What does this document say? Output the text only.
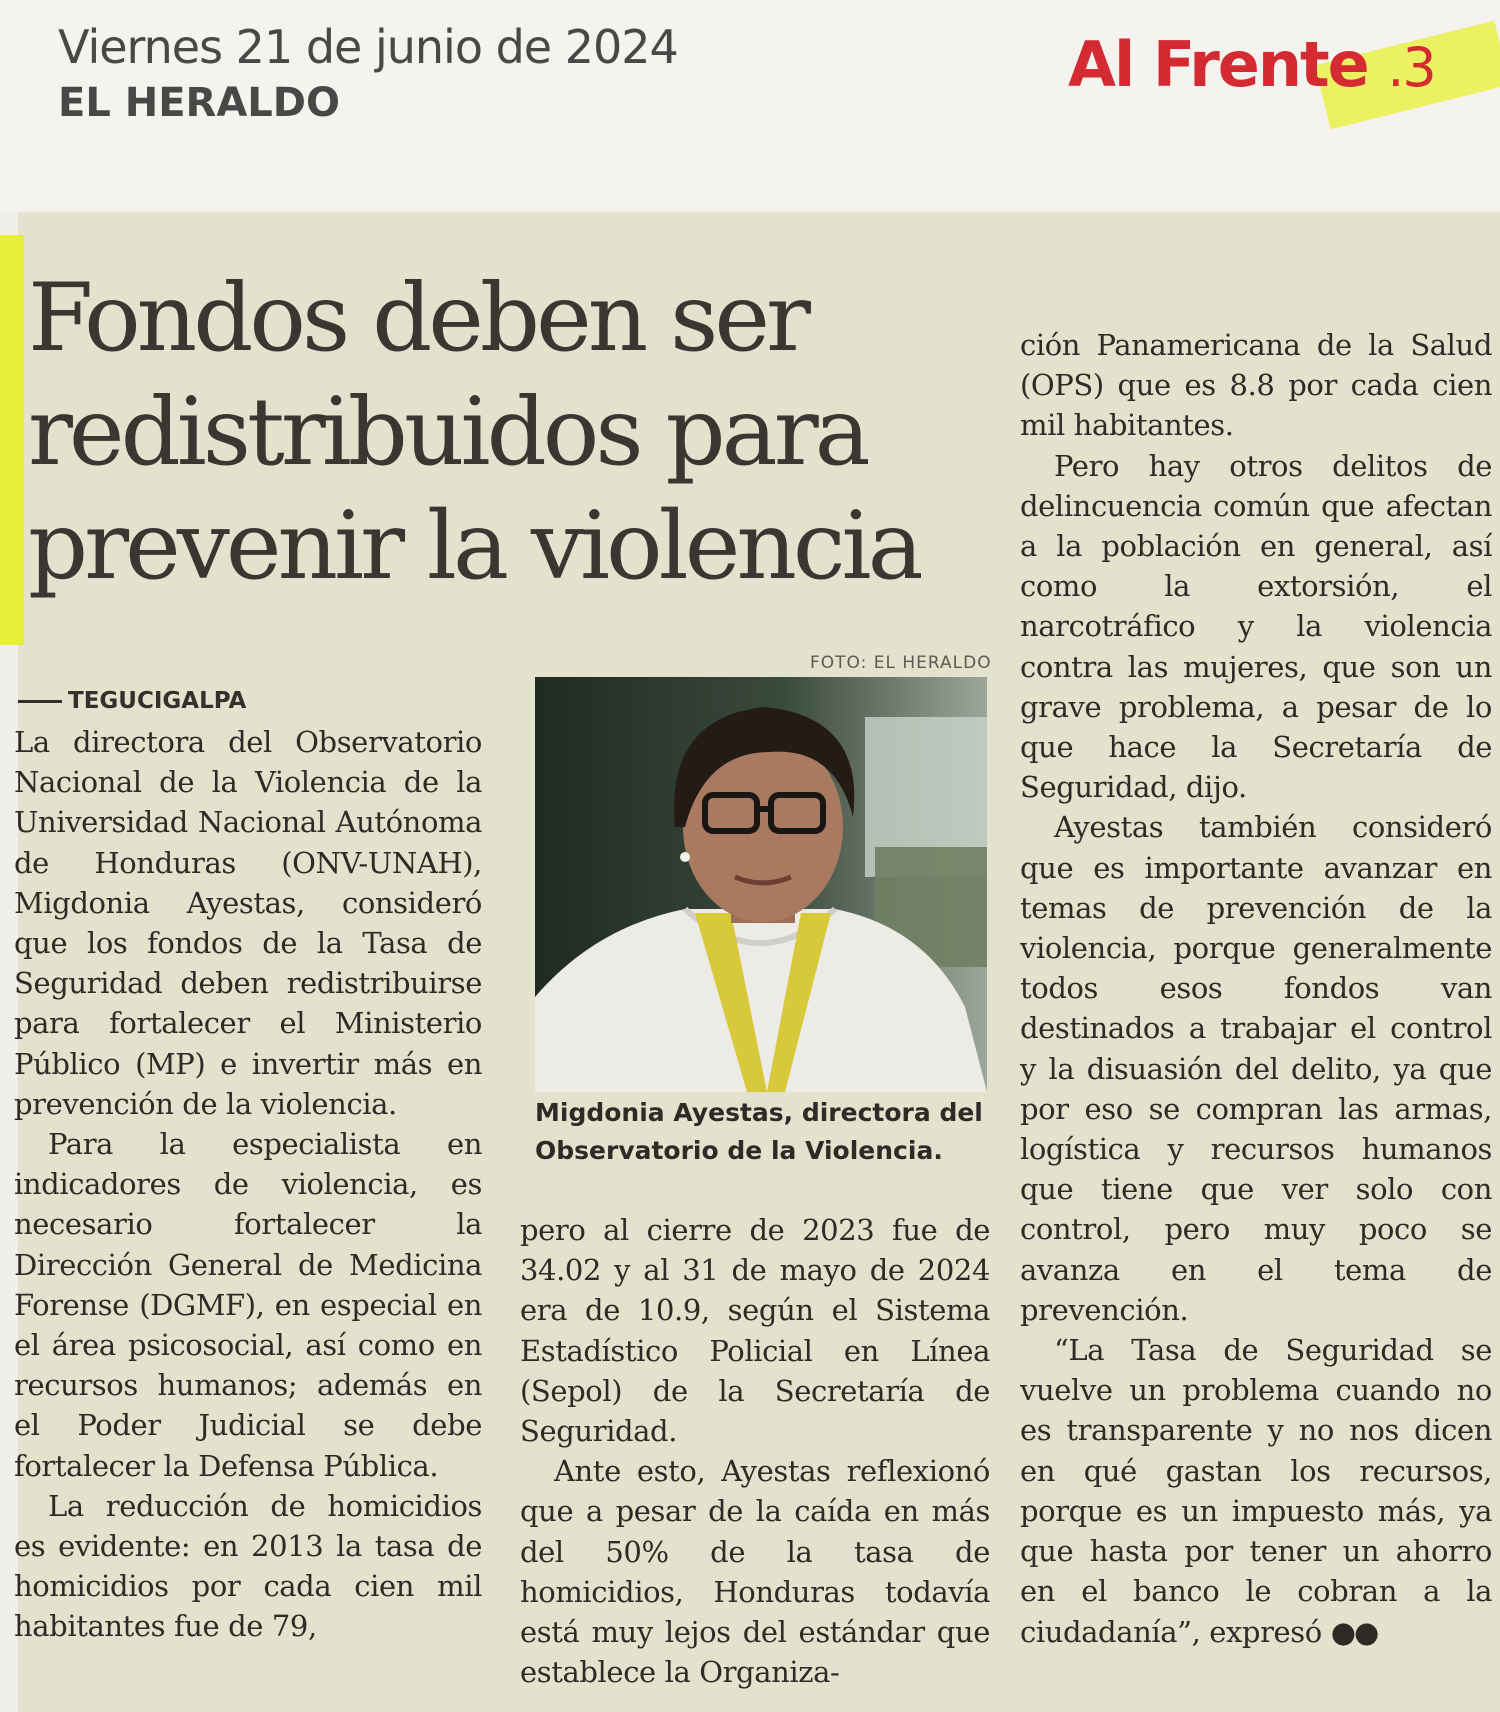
Viernes 21 de junio de 2024
EL HERALDO
Al Frente .3
Fondos deben ser redistribuidos para prevenir la violencia
FOTO: EL HERALDO

Migdonia Ayestas, directora del Observatorio de la Violencia.

TEGUCIGALPA

La directora del Observatorio Nacional de la Violencia de la Universidad Nacional Autónoma de Honduras (ONV-UNAH), Migdonia Ayestas, consideró que los fondos de la Tasa de Seguridad deben redistribuirse para fortalecer el Ministerio Público (MP) e invertir más en prevención de la violencia.

Para la especialista en indicadores de violencia, es necesario fortalecer la Dirección General de Medicina Forense (DGMF), en especial en el área psicosocial, así como en recursos humanos; además en el Poder Judicial se debe fortalecer la Defensa Pública.

La reducción de homicidios es evidente: en 2013 la tasa de homicidios por cada cien mil habitantes fue de 79,

pero al cierre de 2023 fue de 34.02 y al 31 de mayo de 2024 era de 10.9, según el Sistema Estadístico Policial en Línea (Sepol) de la Secretaría de Seguridad.

Ante esto, Ayestas reflexionó que a pesar de la caída en más del 50% de la tasa de homicidios, Honduras todavía está muy lejos del estándar que establece la Organiza-

ción Panamericana de la Salud (OPS) que es 8.8 por cada cien mil habitantes.

Pero hay otros delitos de delincuencia común que afectan a la población en general, así como la extorsión, el narcotráfico y la violencia contra las mujeres, que son un grave problema, a pesar de lo que hace la Secretaría de Seguridad, dijo.

Ayestas también consideró que es importante avanzar en temas de prevención de la violencia, porque generalmente todos esos fondos van destinados a trabajar el control y la disuasión del delito, ya que por eso se compran las armas, logística y recursos humanos que tiene que ver solo con control, pero muy poco se avanza en el tema de prevención.

“La Tasa de Seguridad se vuelve un problema cuando no es transparente y no nos dicen en qué gastan los recursos, porque es un impuesto más, ya que hasta por tener un ahorro en el banco le cobran a la ciudadanía”, expresó ●●
